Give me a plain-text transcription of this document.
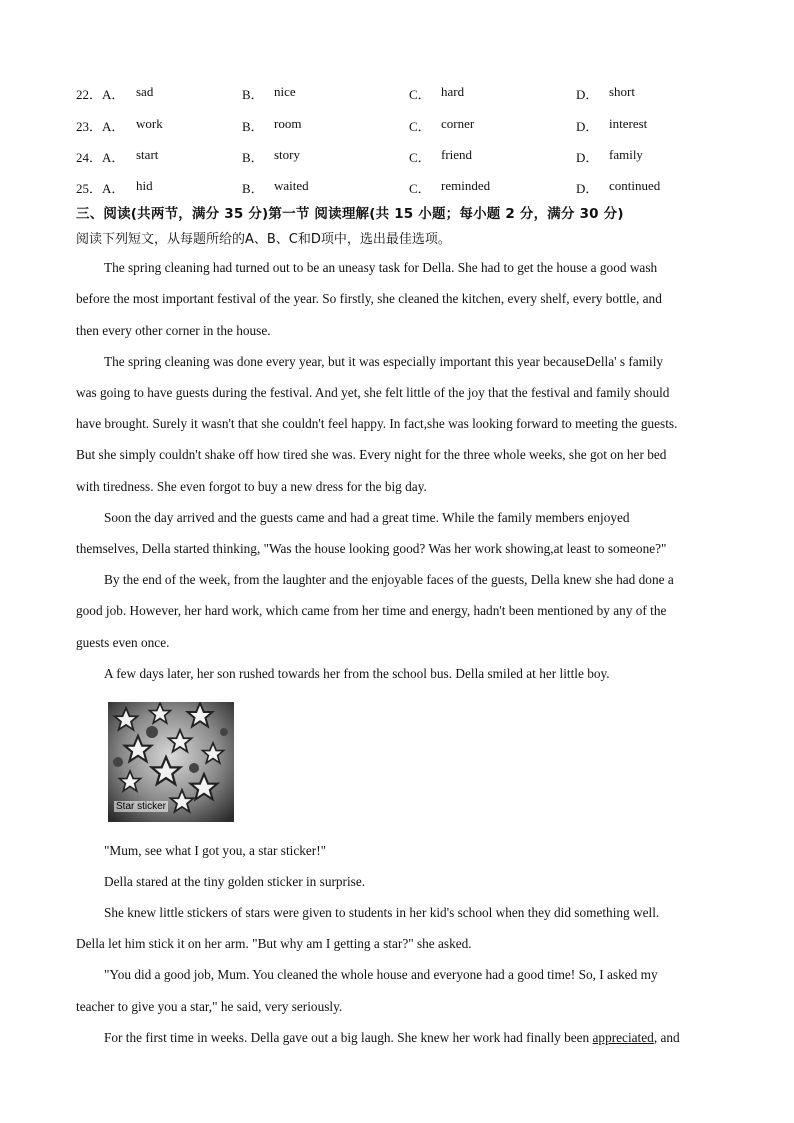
22．A． sad	B． nice	C． hard	D． short
23．A． work	B． room	C． corner	D． interest
24．A． start	B． story	C． friend	D． family
25．A． hid	B． waited	C． reminded	D． continued
三、阅读(共两节，满分 35 分)第一节 阅读理解(共 15 小题；每小题 2 分，满分 30 分)
阅读下列短文，从每题所给的A、B、C和D项中，选出最佳选项。
The spring cleaning had turned out to be an uneasy task for Della. She had to get the house a good wash
before the most important festival of the year. So firstly, she cleaned the kitchen, every shelf, every bottle, and
then every other corner in the house.
The spring cleaning was done every year, but it was especially important this year becauseDella' s family
was going to have guests during the festival. And yet, she felt little of the joy that the festival and family should
have brought. Surely it wasn't that she couldn't feel happy. In fact,she was looking forward to meeting the guests.
But she simply couldn't shake off how tired she was. Every night for the three whole weeks, she got on her bed
with tiredness. She even forgot to buy a new dress for the big day.
Soon the day arrived and the guests came and had a great time. While the family members enjoyed
themselves, Della started thinking, "Was the house looking good? Was her work showing,at least to someone?"
By the end of the week, from the laughter and the enjoyable faces of the guests, Della knew she had done a
good job. However, her hard work, which came from her time and energy, hadn't been mentioned by any of the
guests even once.
A few days later, her son rushed towards her from the school bus. Della smiled at her little boy.
Star sticker
"Mum, see what I got you, a star sticker!"
Della stared at the tiny golden sticker in surprise.
She knew little stickers of stars were given to students in her kid's school when they did something well.
Della let him stick it on her arm. "But why am I getting a star?" she asked.
"You did a good job, Mum. You cleaned the whole house and everyone had a good time! So, I asked my
teacher to give you a star," he said, very seriously.
For the first time in weeks. Della gave out a big laugh. She knew her work had finally been appreciated, and
